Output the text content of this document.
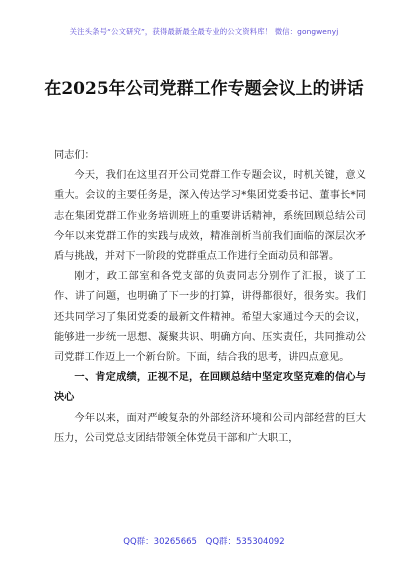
关注头条号“公文研究”，获得最新最全最专业的公文资料库！ 微信：gongwenyj
在2025年公司党群工作专题会议上的讲话

同志们：

今天，我们在这里召开公司党群工作专题会议，时机关键，意义重大。会议的主要任务是，深入传达学习*集团党委书记、董事长*同志在集团党群工作业务培训班上的重要讲话精神，系统回顾总结公司今年以来党群工作的实践与成效，精准剖析当前我们面临的深层次矛盾与挑战，并对下一阶段的党群重点工作进行全面动员和部署。

刚才，政工部室和各党支部的负责同志分别作了汇报，谈了工作、讲了问题，也明确了下一步的打算，讲得都很好，很务实。我们还共同学习了集团党委的最新文件精神。希望大家通过今天的会议，能够进一步统一思想、凝聚共识、明确方向、压实责任，共同推动公司党群工作迈上一个新台阶。下面，结合我的思考，讲四点意见。

一、肯定成绩，正视不足，在回顾总结中坚定攻坚克难的信心与决心

今年以来，面对严峻复杂的外部经济环境和公司内部经营的巨大压力，公司党总支团结带领全体党员干部和广大职工，

QQ群：30265665 QQ群：535304092
